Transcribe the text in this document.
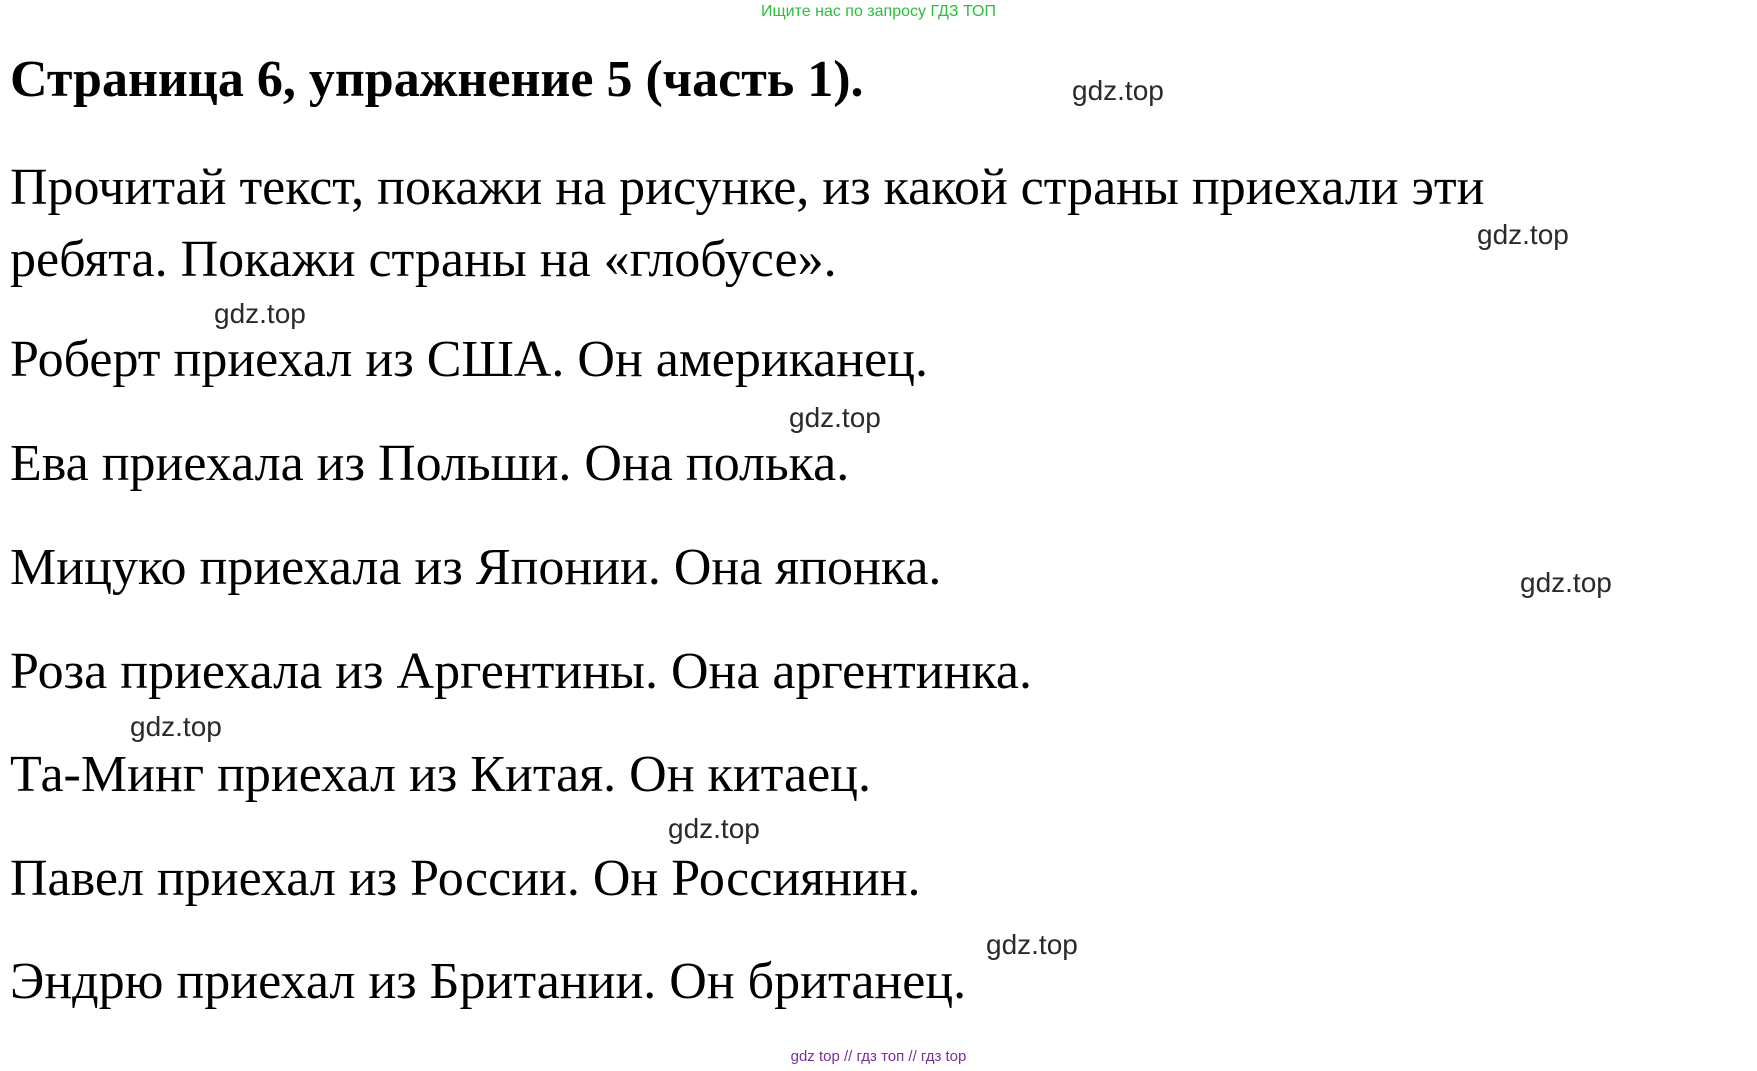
Ищите нас по запросу ГДЗ ТОП
Страница 6, упражнение 5 (часть 1).

Прочитай текст, покажи на рисунке, из какой страны приехали эти

ребята. Покажи страны на «глобусе».

Роберт приехал из США. Он американец.

Ева приехала из Польши. Она полька.

Мицуко приехала из Японии. Она японка.

Роза приехала из Аргентины. Она аргентинка.

Та-Минг приехал из Китая. Он китаец.

Павел приехал из России. Он Россиянин.

Эндрю приехал из Британии. Он британец.

gdz.top
gdz.top
gdz.top
gdz.top
gdz.top
gdz.top
gdz.top
gdz.top
gdz top // гдз топ // гдз top
